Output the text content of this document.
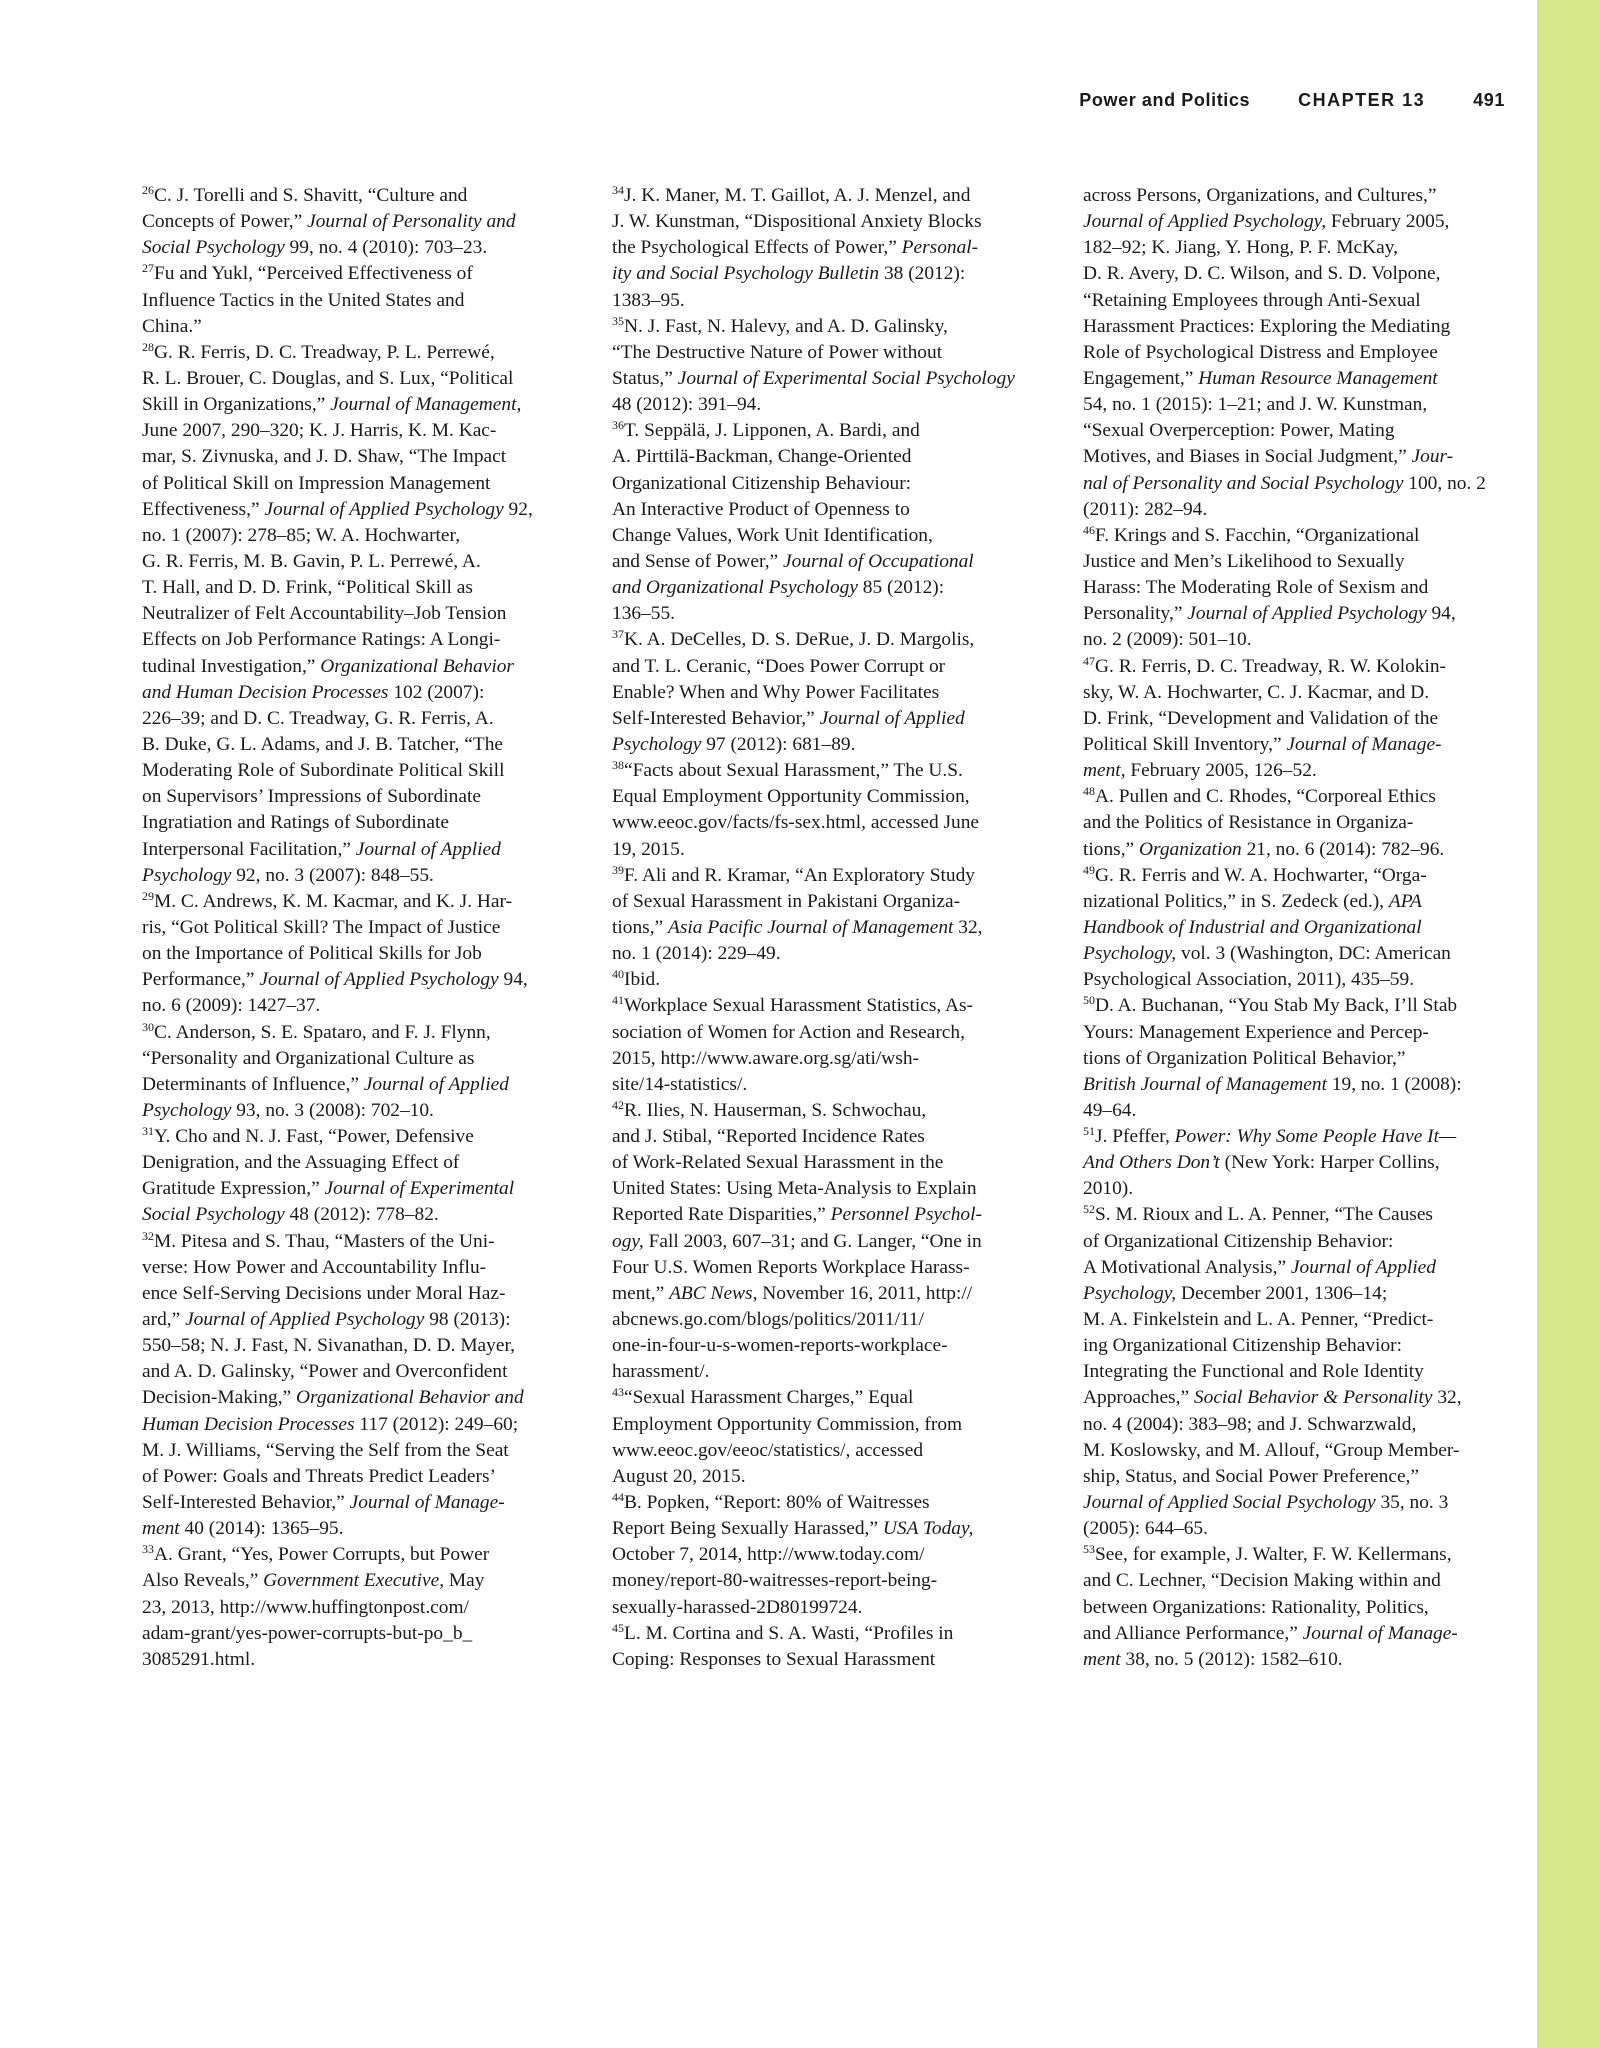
Power and Politics	CHAPTER 13	491
$^{26}$C. J. Torelli and S. Shavitt, “Culture and
Concepts of Power,” Journal of Personality and
Social Psychology 99, no. 4 (2010): 703–23.
$^{27}$Fu and Yukl, “Perceived Effectiveness of
Influence Tactics in the United States and
China.”
$^{28}$G. R. Ferris, D. C. Treadway, P. L. Perrewé,
R. L. Brouer, C. Douglas, and S. Lux, “Political
Skill in Organizations,” Journal of Management,
June 2007, 290–320; K. J. Harris, K. M. Kac-
mar, S. Zivnuska, and J. D. Shaw, “The Impact
of Political Skill on Impression Management
Effectiveness,” Journal of Applied Psychology 92,
no. 1 (2007): 278–85; W. A. Hochwarter,
G. R. Ferris, M. B. Gavin, P. L. Perrewé, A.
T. Hall, and D. D. Frink, “Political Skill as
Neutralizer of Felt Accountability–Job Tension
Effects on Job Performance Ratings: A Longi-
tudinal Investigation,” Organizational Behavior
and Human Decision Processes 102 (2007):
226–39; and D. C. Treadway, G. R. Ferris, A.
B. Duke, G. L. Adams, and J. B. Tatcher, “The
Moderating Role of Subordinate Political Skill
on Supervisors’ Impressions of Subordinate
Ingratiation and Ratings of Subordinate
Interpersonal Facilitation,” Journal of Applied
Psychology 92, no. 3 (2007): 848–55.
$^{29}$M. C. Andrews, K. M. Kacmar, and K. J. Har-
ris, “Got Political Skill? The Impact of Justice
on the Importance of Political Skills for Job
Performance,” Journal of Applied Psychology 94,
no. 6 (2009): 1427–37.
$^{30}$C. Anderson, S. E. Spataro, and F. J. Flynn,
“Personality and Organizational Culture as
Determinants of Influence,” Journal of Applied
Psychology 93, no. 3 (2008): 702–10.
$^{31}$Y. Cho and N. J. Fast, “Power, Defensive
Denigration, and the Assuaging Effect of
Gratitude Expression,” Journal of Experimental
Social Psychology 48 (2012): 778–82.
$^{32}$M. Pitesa and S. Thau, “Masters of the Uni-
verse: How Power and Accountability Influ-
ence Self-Serving Decisions under Moral Haz-
ard,” Journal of Applied Psychology 98 (2013):
550–58; N. J. Fast, N. Sivanathan, D. D. Mayer,
and A. D. Galinsky, “Power and Overconfident
Decision-Making,” Organizational Behavior and
Human Decision Processes 117 (2012): 249–60;
M. J. Williams, “Serving the Self from the Seat
of Power: Goals and Threats Predict Leaders’
Self-Interested Behavior,” Journal of Manage-
ment 40 (2014): 1365–95.
$^{33}$A. Grant, “Yes, Power Corrupts, but Power
Also Reveals,” Government Executive, May
23, 2013, http://www.huffingtonpost.com/
adam-grant/yes-power-corrupts-but-po_b_
3085291.html.
$^{34}$J. K. Maner, M. T. Gaillot, A. J. Menzel, and
J. W. Kunstman, “Dispositional Anxiety Blocks
the Psychological Effects of Power,” Personal-
ity and Social Psychology Bulletin 38 (2012):
1383–95.
$^{35}$N. J. Fast, N. Halevy, and A. D. Galinsky,
“The Destructive Nature of Power without
Status,” Journal of Experimental Social Psychology
48 (2012): 391–94.
$^{36}$T. Seppälä, J. Lipponen, A. Bardi, and
A. Pirttilä-Backman, Change-Oriented
Organizational Citizenship Behaviour:
An Interactive Product of Openness to
Change Values, Work Unit Identification,
and Sense of Power,” Journal of Occupational
and Organizational Psychology 85 (2012):
136–55.
$^{37}$K. A. DeCelles, D. S. DeRue, J. D. Margolis,
and T. L. Ceranic, “Does Power Corrupt or
Enable? When and Why Power Facilitates
Self-Interested Behavior,” Journal of Applied
Psychology 97 (2012): 681–89.
$^{38}$“Facts about Sexual Harassment,” The U.S.
Equal Employment Opportunity Commission,
www.eeoc.gov/facts/fs-sex.html, accessed June
19, 2015.
$^{39}$F. Ali and R. Kramar, “An Exploratory Study
of Sexual Harassment in Pakistani Organiza-
tions,” Asia Pacific Journal of Management 32,
no. 1 (2014): 229–49.
$^{40}$Ibid.
$^{41}$Workplace Sexual Harassment Statistics, As-
sociation of Women for Action and Research,
2015, http://www.aware.org.sg/ati/wsh-
site/14-statistics/.
$^{42}$R. Ilies, N. Hauserman, S. Schwochau,
and J. Stibal, “Reported Incidence Rates
of Work-Related Sexual Harassment in the
United States: Using Meta-Analysis to Explain
Reported Rate Disparities,” Personnel Psychol-
ogy, Fall 2003, 607–31; and G. Langer, “One in
Four U.S. Women Reports Workplace Harass-
ment,” ABC News, November 16, 2011, http://
abcnews.go.com/blogs/politics/2011/11/
one-in-four-u-s-women-reports-workplace-
harassment/.
$^{43}$“Sexual Harassment Charges,” Equal
Employment Opportunity Commission, from
www.eeoc.gov/eeoc/statistics/, accessed
August 20, 2015.
$^{44}$B. Popken, “Report: 80% of Waitresses
Report Being Sexually Harassed,” USA Today,
October 7, 2014, http://www.today.com/
money/report-80-waitresses-report-being-
sexually-harassed-2D80199724.
$^{45}$L. M. Cortina and S. A. Wasti, “Profiles in
Coping: Responses to Sexual Harassment
across Persons, Organizations, and Cultures,”
Journal of Applied Psychology, February 2005,
182–92; K. Jiang, Y. Hong, P. F. McKay,
D. R. Avery, D. C. Wilson, and S. D. Volpone,
“Retaining Employees through Anti-Sexual
Harassment Practices: Exploring the Mediating
Role of Psychological Distress and Employee
Engagement,” Human Resource Management
54, no. 1 (2015): 1–21; and J. W. Kunstman,
“Sexual Overperception: Power, Mating
Motives, and Biases in Social Judgment,” Jour-
nal of Personality and Social Psychology 100, no. 2
(2011): 282–94.
$^{46}$F. Krings and S. Facchin, “Organizational
Justice and Men’s Likelihood to Sexually
Harass: The Moderating Role of Sexism and
Personality,” Journal of Applied Psychology 94,
no. 2 (2009): 501–10.
$^{47}$G. R. Ferris, D. C. Treadway, R. W. Kolokin-
sky, W. A. Hochwarter, C. J. Kacmar, and D.
D. Frink, “Development and Validation of the
Political Skill Inventory,” Journal of Manage-
ment, February 2005, 126–52.
$^{48}$A. Pullen and C. Rhodes, “Corporeal Ethics
and the Politics of Resistance in Organiza-
tions,” Organization 21, no. 6 (2014): 782–96.
$^{49}$G. R. Ferris and W. A. Hochwarter, “Orga-
nizational Politics,” in S. Zedeck (ed.), APA
Handbook of Industrial and Organizational
Psychology, vol. 3 (Washington, DC: American
Psychological Association, 2011), 435–59.
$^{50}$D. A. Buchanan, “You Stab My Back, I’ll Stab
Yours: Management Experience and Percep-
tions of Organization Political Behavior,”
British Journal of Management 19, no. 1 (2008):
49–64.
$^{51}$J. Pfeffer, Power: Why Some People Have It—
And Others Don’t (New York: Harper Collins,
2010).
$^{52}$S. M. Rioux and L. A. Penner, “The Causes
of Organizational Citizenship Behavior:
A Motivational Analysis,” Journal of Applied
Psychology, December 2001, 1306–14;
M. A. Finkelstein and L. A. Penner, “Predict-
ing Organizational Citizenship Behavior:
Integrating the Functional and Role Identity
Approaches,” Social Behavior & Personality 32,
no. 4 (2004): 383–98; and J. Schwarzwald,
M. Koslowsky, and M. Allouf, “Group Member-
ship, Status, and Social Power Preference,”
Journal of Applied Social Psychology 35, no. 3
(2005): 644–65.
$^{53}$See, for example, J. Walter, F. W. Kellermans,
and C. Lechner, “Decision Making within and
between Organizations: Rationality, Politics,
and Alliance Performance,” Journal of Manage-
ment 38, no. 5 (2012): 1582–610.
